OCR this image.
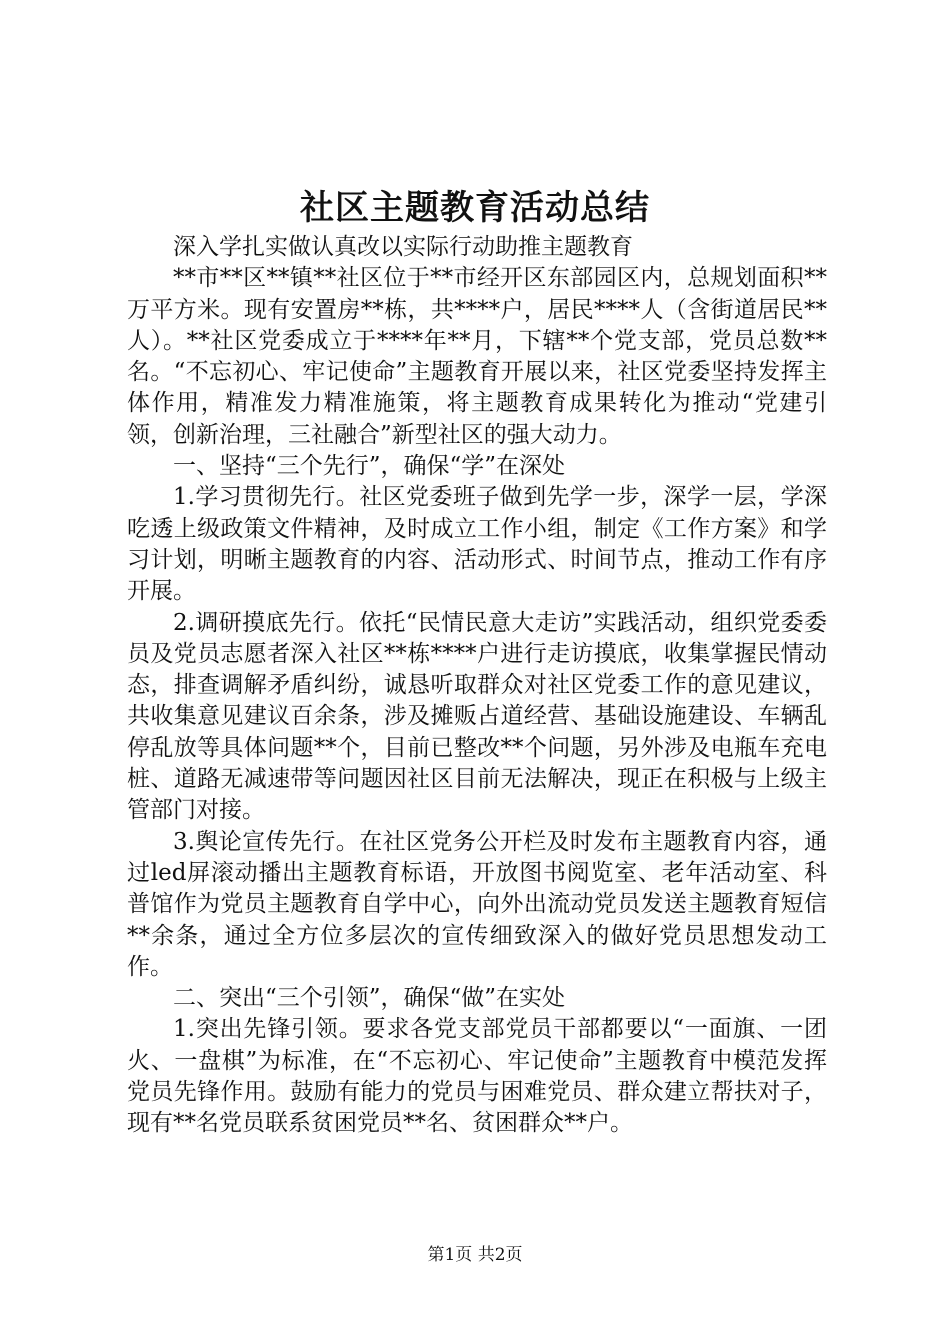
社区主题教育活动总结

深入学扎实做认真改以实际行动助推主题教育

**市**区**镇**社区位于**市经开区东部园区内，总规划面积**万平方米。现有安置房**栋，共****户，居民****人（含街道居民**人）。**社区党委成立于****年**月，下辖**个党支部，党员总数**名。“不忘初心、牢记使命”主题教育开展以来，社区党委坚持发挥主体作用，精准发力精准施策，将主题教育成果转化为推动“党建引领，创新治理，三社融合”新型社区的强大动力。

一、坚持“三个先行”，确保“学”在深处

1.学习贯彻先行。社区党委班子做到先学一步，深学一层，学深吃透上级政策文件精神，及时成立工作小组，制定《工作方案》和学习计划，明晰主题教育的内容、活动形式、时间节点，推动工作有序开展。

2.调研摸底先行。依托“民情民意大走访”实践活动，组织党委委员及党员志愿者深入社区**栋****户进行走访摸底，收集掌握民情动态，排查调解矛盾纠纷，诚恳听取群众对社区党委工作的意见建议，共收集意见建议百余条，涉及摊贩占道经营、基础设施建设、车辆乱停乱放等具体问题**个，目前已整改**个问题，另外涉及电瓶车充电桩、道路无减速带等问题因社区目前无法解决，现正在积极与上级主管部门对接。

3.舆论宣传先行。在社区党务公开栏及时发布主题教育内容，通过led屏滚动播出主题教育标语，开放图书阅览室、老年活动室、科普馆作为党员主题教育自学中心，向外出流动党员发送主题教育短信**余条，通过全方位多层次的宣传细致深入的做好党员思想发动工作。

二、突出“三个引领”，确保“做”在实处

1.突出先锋引领。要求各党支部党员干部都要以“一面旗、一团火、一盘棋”为标准，在“不忘初心、牢记使命”主题教育中模范发挥党员先锋作用。鼓励有能力的党员与困难党员、群众建立帮扶对子，现有**名党员联系贫困党员**名、贫困群众**户。

第1页 共2页
